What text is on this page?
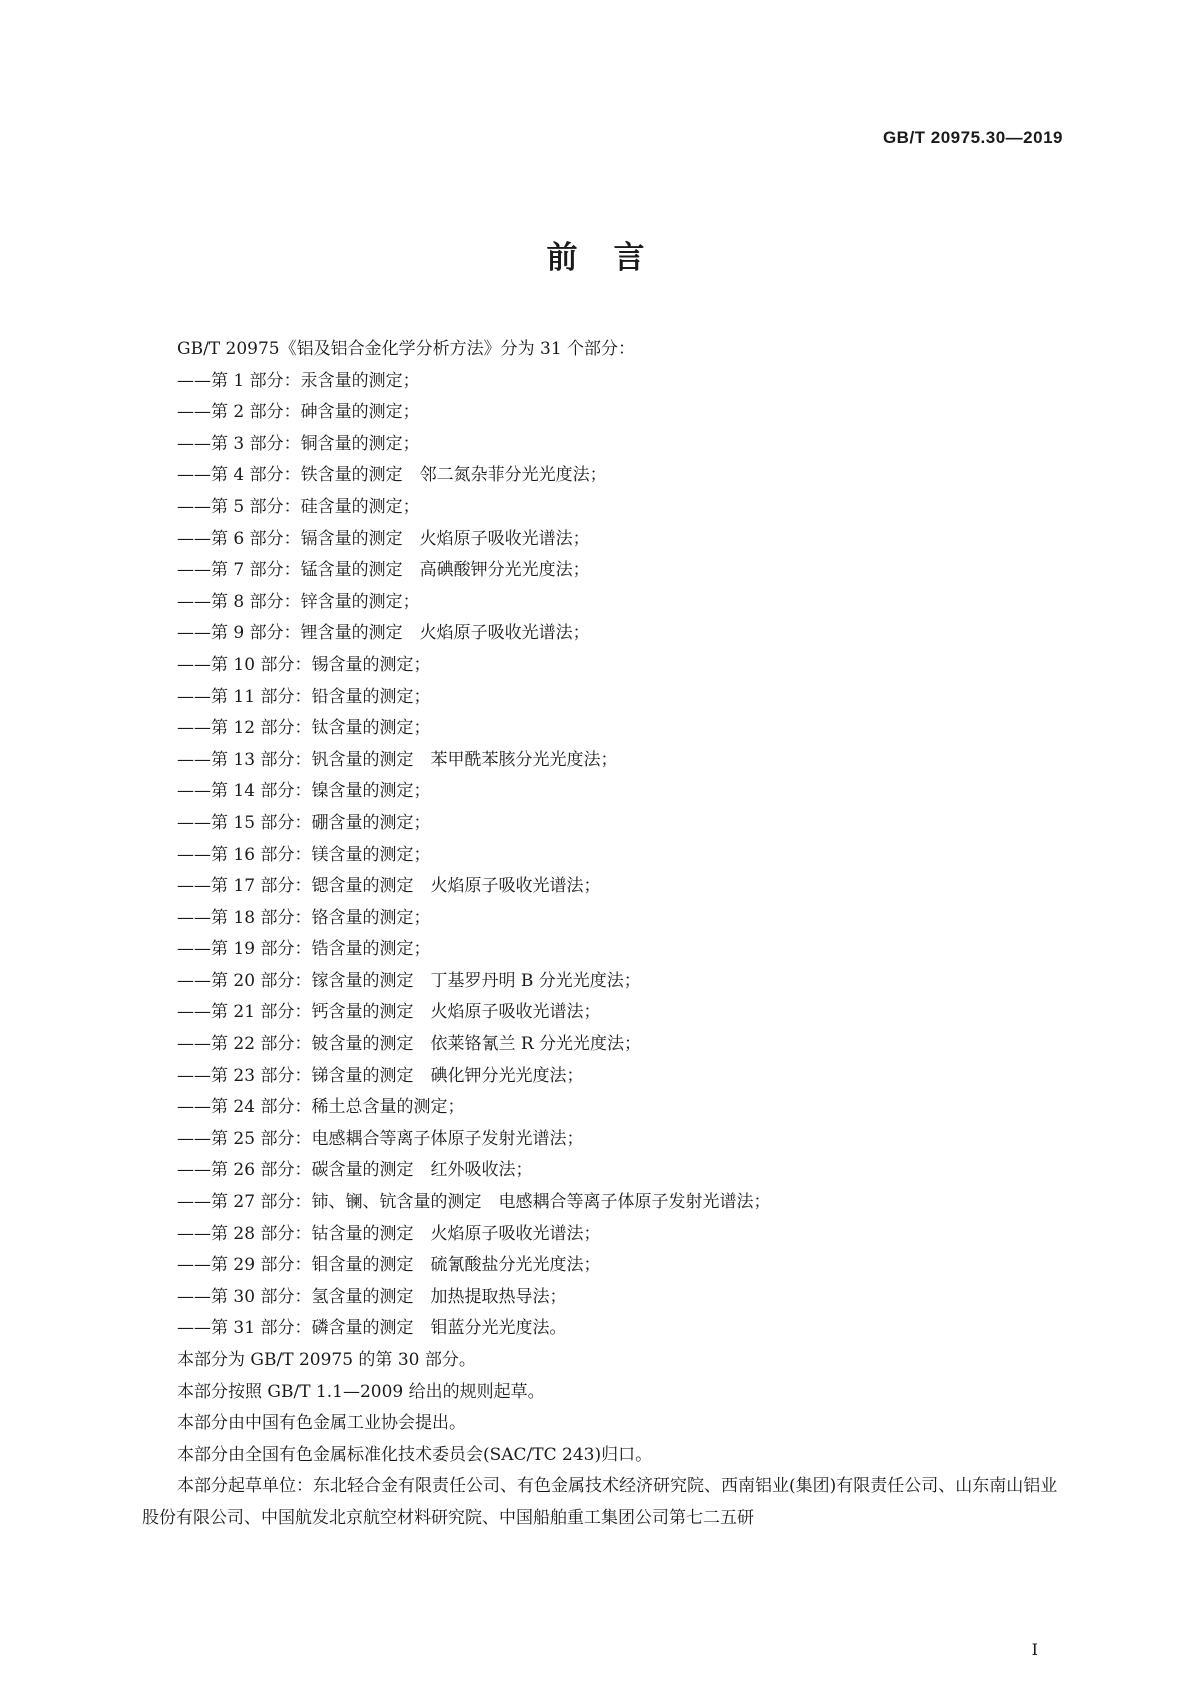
GB/T 20975.30—2019
前言

GB/T 20975《铝及铝合金化学分析方法》分为 31 个部分：

——第 1 部分：汞含量的测定；

——第 2 部分：砷含量的测定；

——第 3 部分：铜含量的测定；

——第 4 部分：铁含量的测定　邻二氮杂菲分光光度法；

——第 5 部分：硅含量的测定；

——第 6 部分：镉含量的测定　火焰原子吸收光谱法；

——第 7 部分：锰含量的测定　高碘酸钾分光光度法；

——第 8 部分：锌含量的测定；

——第 9 部分：锂含量的测定　火焰原子吸收光谱法；

——第 10 部分：锡含量的测定；

——第 11 部分：铅含量的测定；

——第 12 部分：钛含量的测定；

——第 13 部分：钒含量的测定　苯甲酰苯胲分光光度法；

——第 14 部分：镍含量的测定；

——第 15 部分：硼含量的测定；

——第 16 部分：镁含量的测定；

——第 17 部分：锶含量的测定　火焰原子吸收光谱法；

——第 18 部分：铬含量的测定；

——第 19 部分：锆含量的测定；

——第 20 部分：镓含量的测定　丁基罗丹明 B 分光光度法；

——第 21 部分：钙含量的测定　火焰原子吸收光谱法；

——第 22 部分：铍含量的测定　依莱铬氰兰 R 分光光度法；

——第 23 部分：锑含量的测定　碘化钾分光光度法；

——第 24 部分：稀土总含量的测定；

——第 25 部分：电感耦合等离子体原子发射光谱法；

——第 26 部分：碳含量的测定　红外吸收法；

——第 27 部分：铈、镧、钪含量的测定　电感耦合等离子体原子发射光谱法；

——第 28 部分：钴含量的测定　火焰原子吸收光谱法；

——第 29 部分：钼含量的测定　硫氰酸盐分光光度法；

——第 30 部分：氢含量的测定　加热提取热导法；

——第 31 部分：磷含量的测定　钼蓝分光光度法。

本部分为 GB/T 20975 的第 30 部分。

本部分按照 GB/T 1.1—2009 给出的规则起草。

本部分由中国有色金属工业协会提出。

本部分由全国有色金属标准化技术委员会(SAC/TC 243)归口。

本部分起草单位：东北轻合金有限责任公司、有色金属技术经济研究院、西南铝业(集团)有限责任公司、山东南山铝业股份有限公司、中国航发北京航空材料研究院、中国船舶重工集团公司第七二五研

I
